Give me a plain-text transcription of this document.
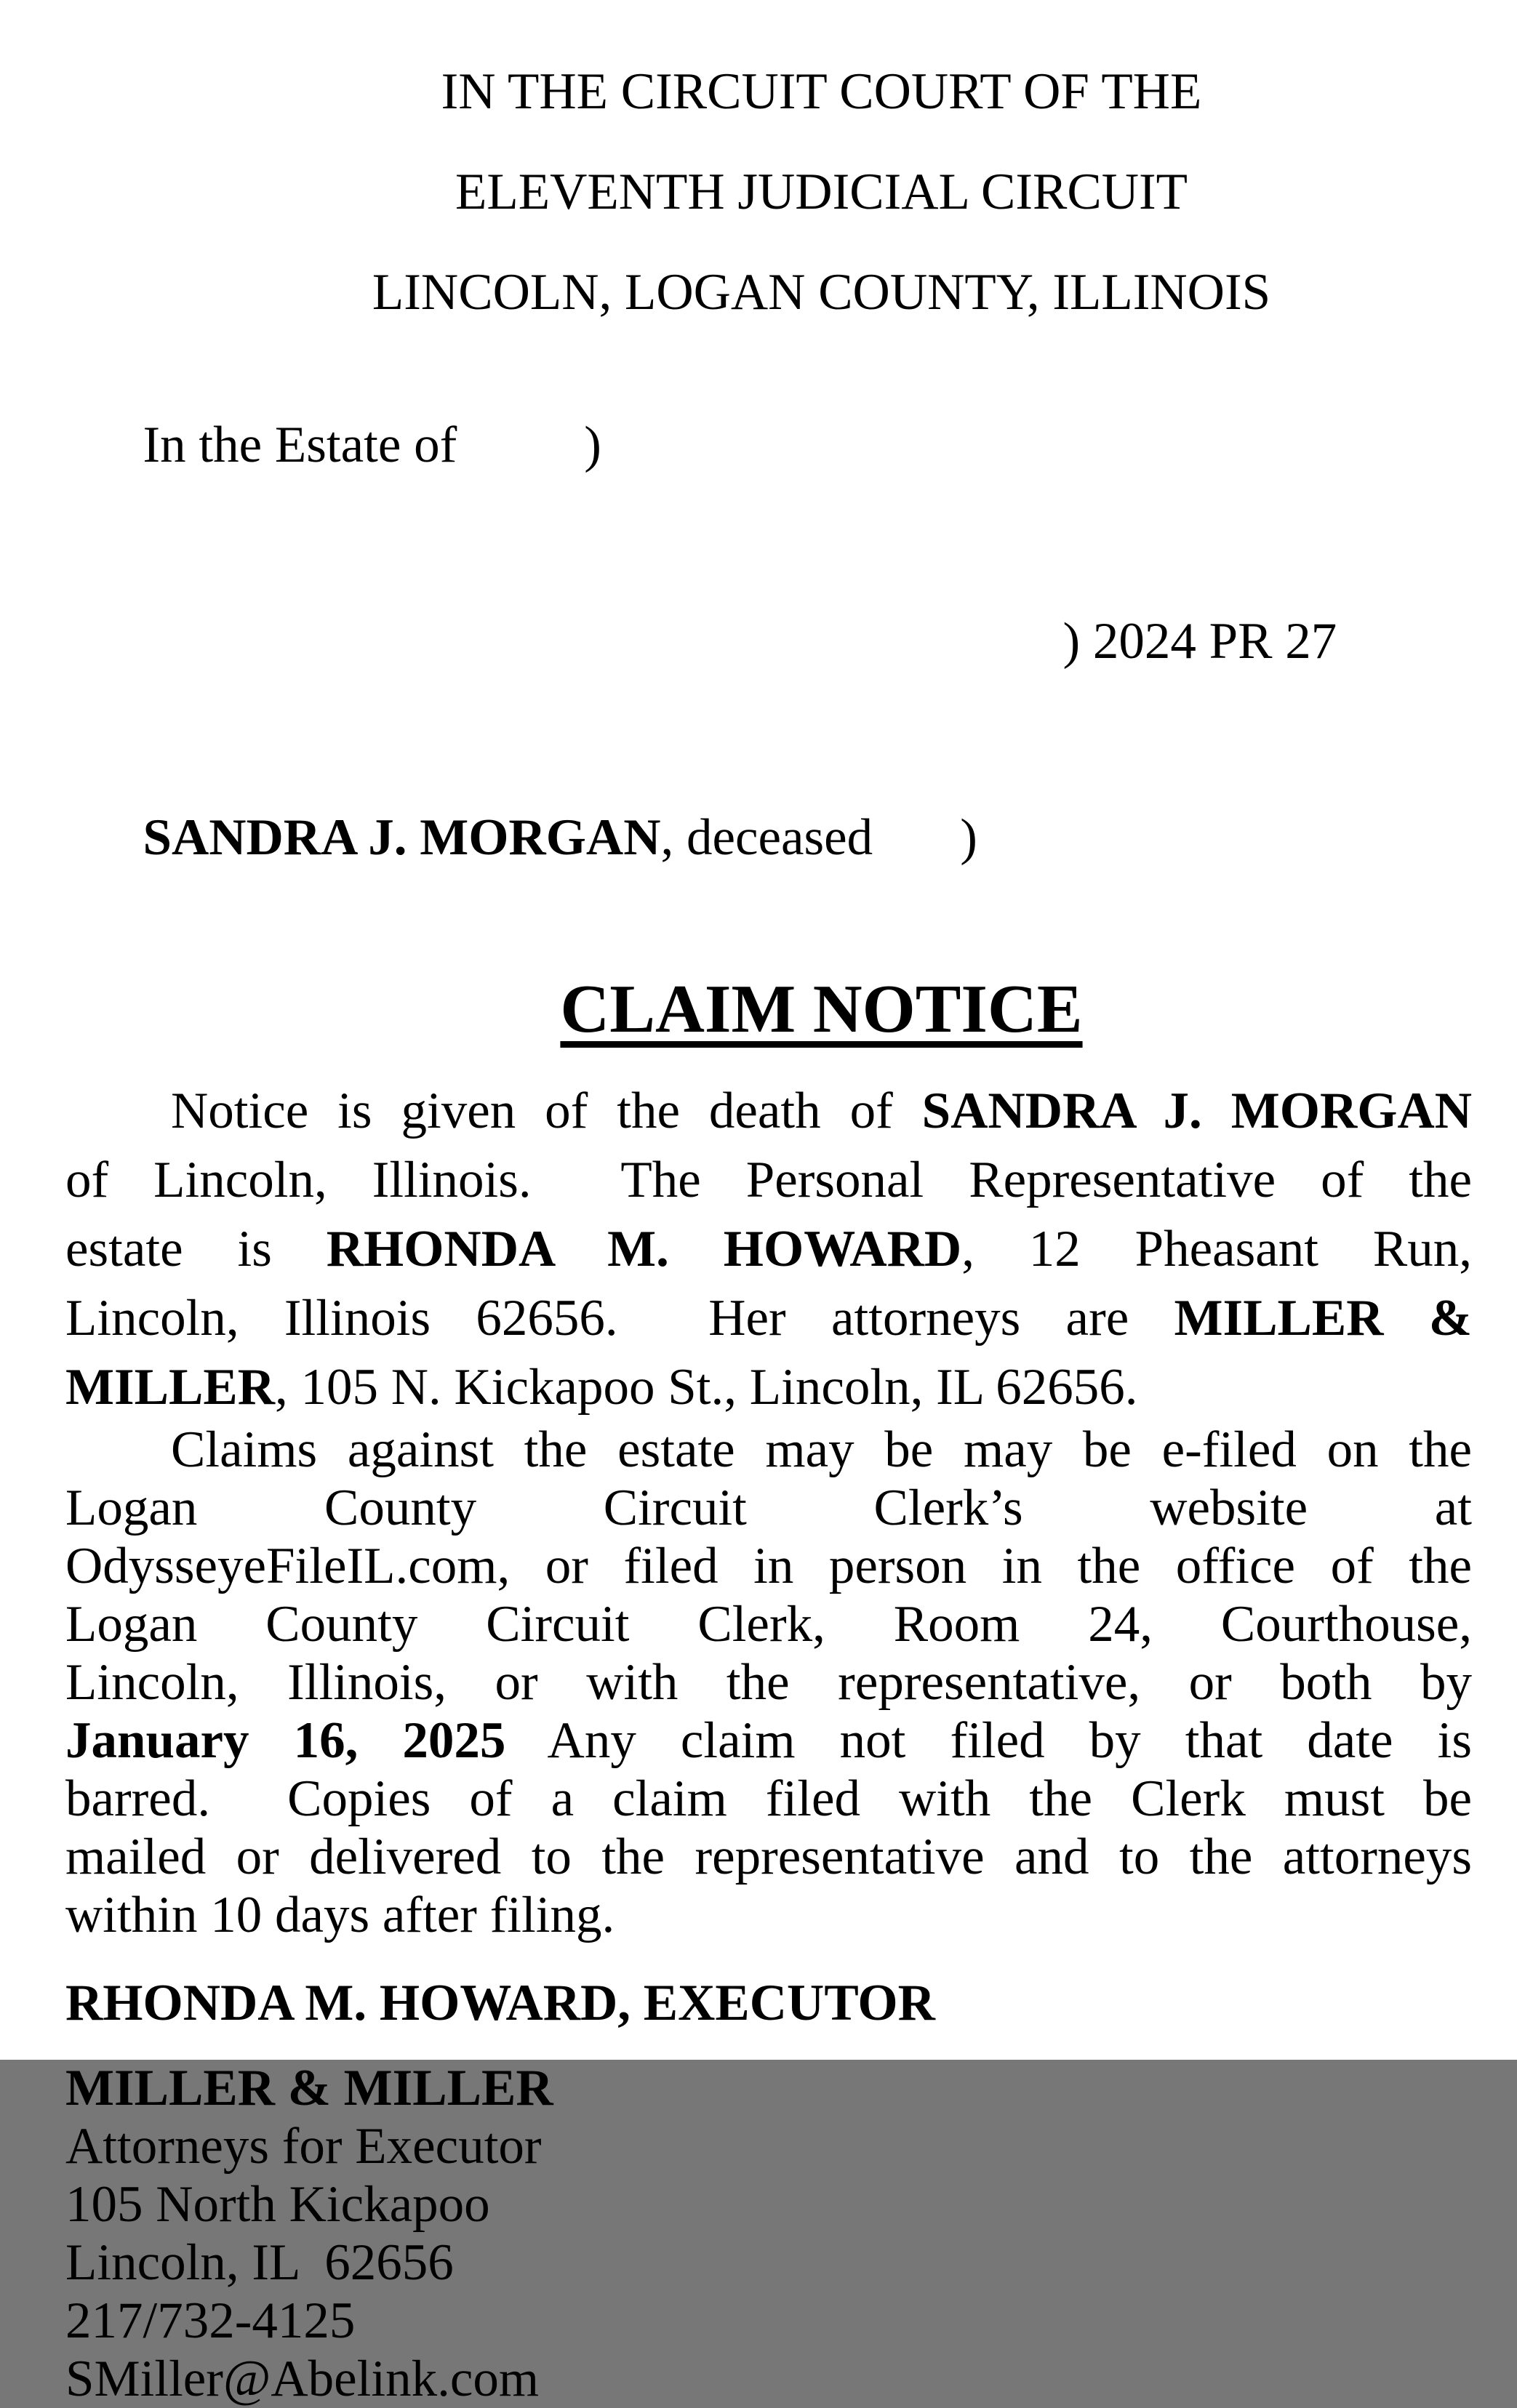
IN THE CIRCUIT COURT OF THE
ELEVENTH JUDICIAL CIRCUIT
LINCOLN, LOGAN COUNTY, ILLINOIS

In the Estate of )

) 2024 PR 27

SANDRA J. MORGAN, deceased )

CLAIM NOTICE
Notice is given of the death of SANDRA J. MORGAN
of Lincoln, Illinois.  The Personal Representative of the
estate is RHONDA M. HOWARD, 12 Pheasant Run,
Lincoln, Illinois 62656.  Her attorneys are MILLER &
MILLER, 105 N. Kickapoo St., Lincoln, IL 62656.
Claims against the estate may be may be e-filed on the
Logan County Circuit Clerk’s website at
OdysseyeFileIL.com, or filed in person in the office of the
Logan County Circuit Clerk, Room 24, Courthouse,
Lincoln, Illinois, or with the representative, or both by
January 16, 2025 Any claim not filed by that date is
barred.  Copies of a claim filed with the Clerk must be
mailed or delivered to the representative and to the attorneys
within 10 days after filing.
RHONDA M. HOWARD, EXECUTOR
MILLER & MILLER
Attorneys for Executor
105 North Kickapoo
Lincoln, IL  62656
217/732-4125
SMiller@Abelink.com
